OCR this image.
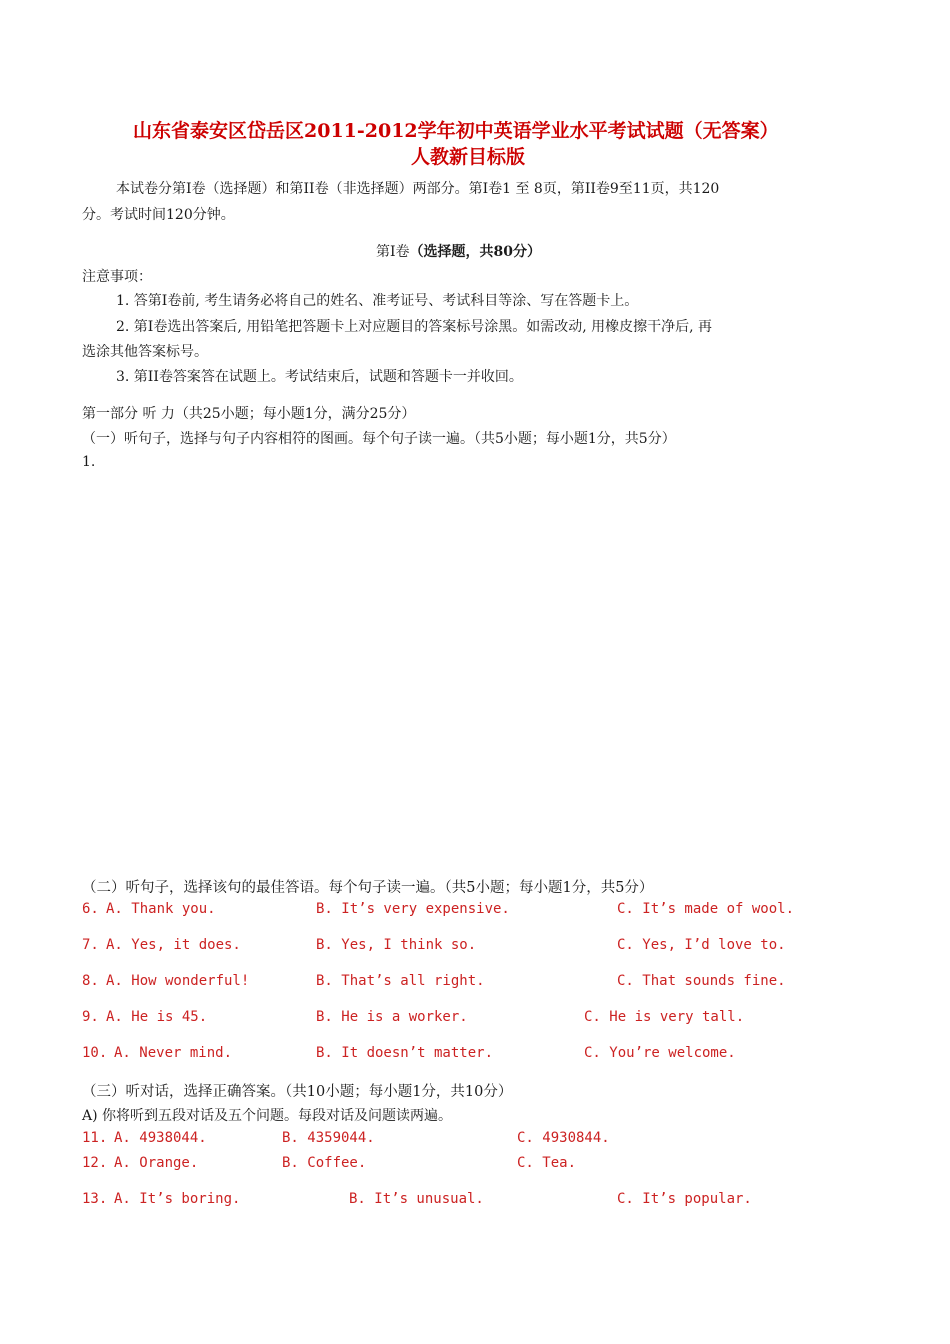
山东省泰安区岱岳区2011-2012学年初中英语学业水平考试试题（无答案）
人教新目标版
本试卷分第I卷（选择题）和第II卷（非选择题）两部分。第I卷1 至 8页，第II卷9至11页，共120
分。考试时间120分钟。
第I卷（选择题，共80分）
注意事项：
1. 答第I卷前, 考生请务必将自己的姓名、准考证号、考试科目等涂、写在答题卡上。
2. 第I卷选出答案后, 用铅笔把答题卡上对应题目的答案标号涂黑。如需改动, 用橡皮擦干净后, 再
选涂其他答案标号。
3. 第II卷答案答在试题上。考试结束后，试题和答题卡一并收回。
第一部分 听 力（共25小题；每小题1分，满分25分）
（一）听句子，选择与句子内容相符的图画。每个句子读一遍。（共5小题；每小题1分，共5分）
1.
（二）听句子，选择该句的最佳答语。每个句子读一遍。（共5小题；每小题1分，共5分）
6. A. Thank you.	B. It’s very expensive.	C. It’s made of wool.
7. A. Yes, it does.	B. Yes, I think so.	C. Yes, I’d love to.
8. A. How wonderful!	B. That’s all right.	C. That sounds fine.
9. A. He is 45.	B. He is a worker.	C. He is very tall.
10. A. Never mind.	B. It doesn’t matter.	C. You’re welcome.
（三）听对话，选择正确答案。（共10小题；每小题1分，共10分）
A) 你将听到五段对话及五个问题。每段对话及问题读两遍。
11. A. 4938044.	B. 4359044.	C. 4930844.
12. A. Orange.	B. Coffee.	C. Tea.
13. A. It’s boring.	B. It’s unusual.	C. It’s popular.
